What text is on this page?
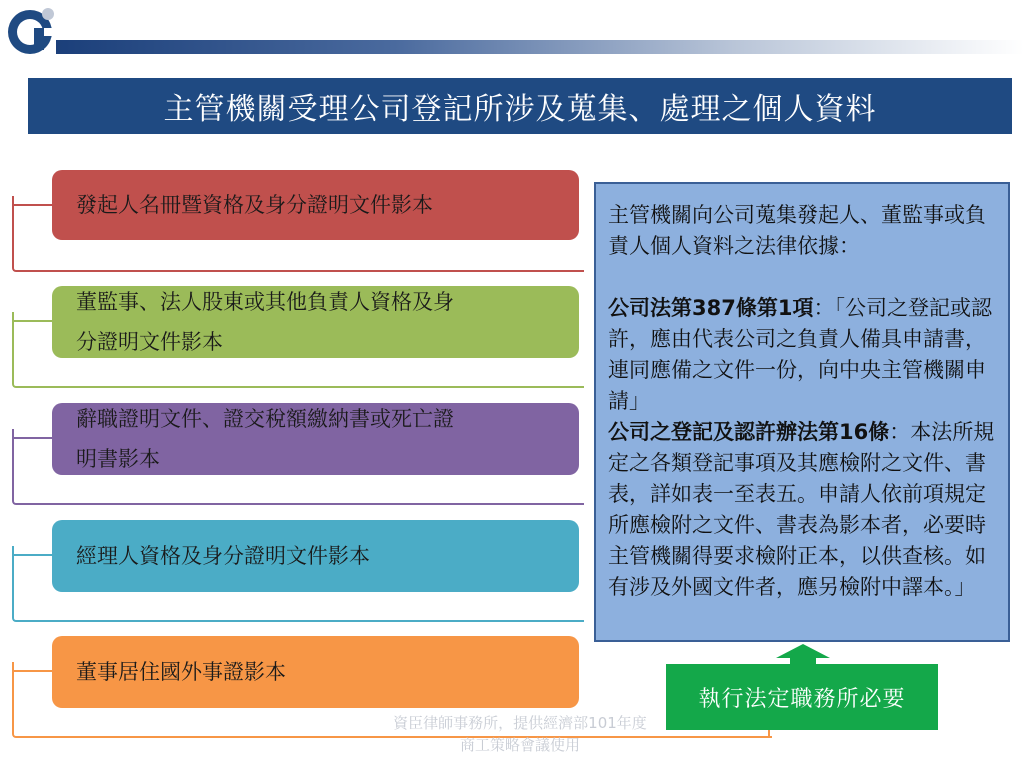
主管機關受理公司登記所涉及蒐集、處理之個人資料
發起人名冊暨資格及身分證明文件影本
董監事、法人股東或其他負責人資格及身
分證明文件影本
辭職證明文件、證交稅額繳納書或死亡證
明書影本
經理人資格及身分證明文件影本
董事居住國外事證影本

主管機關向公司蒐集發起人、董監事或負責人個人資料之法律依據：

公司法第387條第1項：「公司之登記或認許，應由代表公司之負責人備具申請書，連同應備之文件一份，向中央主管機關申請」

公司之登記及認許辦法第16條：本法所規定之各類登記事項及其應檢附之文件、書表，詳如表一至表五。申請人依前項規定所應檢附之文件、書表為影本者，必要時主管機關得要求檢附正本，以供查核。如有涉及外國文件者，應另檢附中譯本。」

執行法定職務所必要
資臣律師事務所，提供經濟部101年度
商工策略會議使用
